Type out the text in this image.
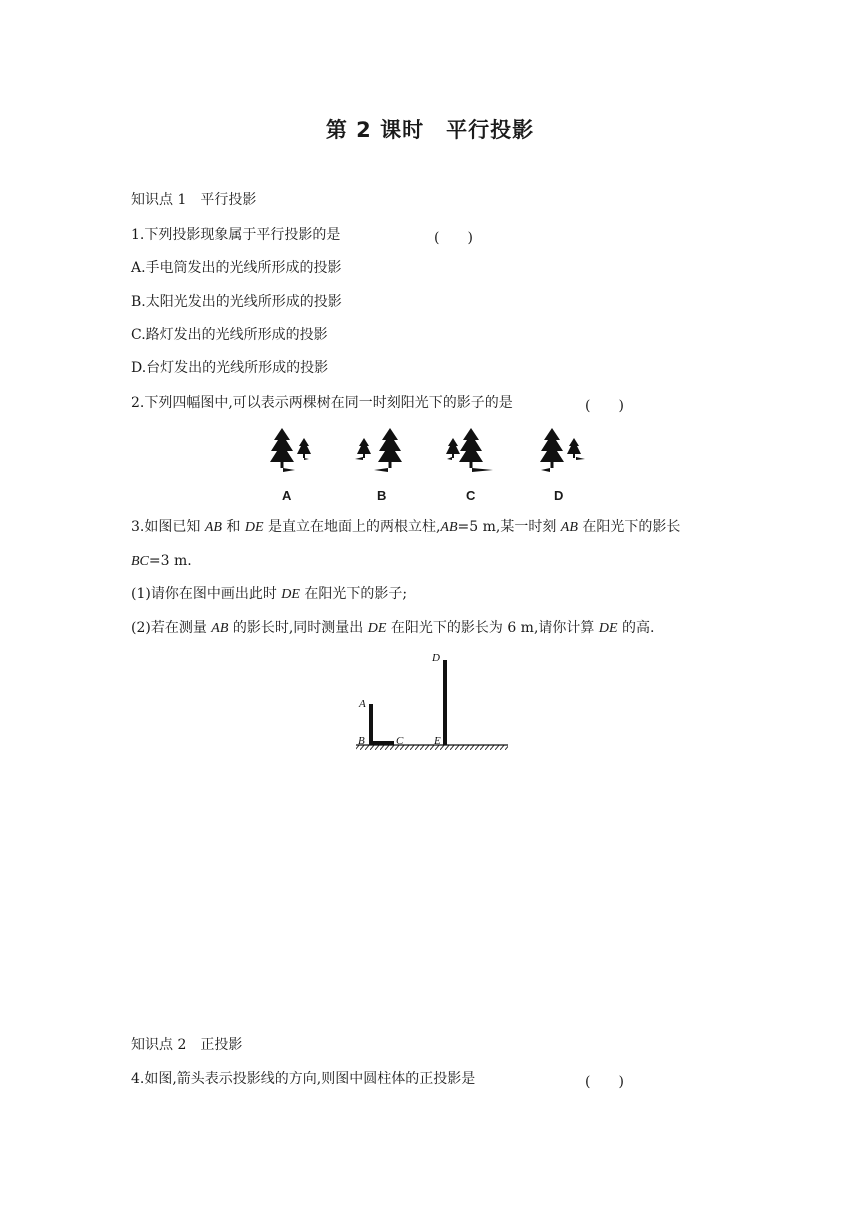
第 2 课时　平行投影
知识点 1　平行投影
1.下列投影现象属于平行投影的是	(　　)
A.手电筒发出的光线所形成的投影
B.太阳光发出的光线所形成的投影
C.路灯发出的光线所形成的投影
D.台灯发出的光线所形成的投影
2.下列四幅图中,可以表示两棵树在同一时刻阳光下的影子的是	(　　)
A	B	C	D
3.如图已知 AB 和 DE 是直立在地面上的两根立柱,AB=5 m,某一时刻 AB 在阳光下的影长
BC=3 m.
(1)请你在图中画出此时 DE 在阳光下的影子;
(2)若在测量 AB 的影长时,同时测量出 DE 在阳光下的影长为 6 m,请你计算 DE 的高.
D
A
B	C	E
知识点 2　正投影
4.如图,箭头表示投影线的方向,则图中圆柱体的正投影是	(　　)
